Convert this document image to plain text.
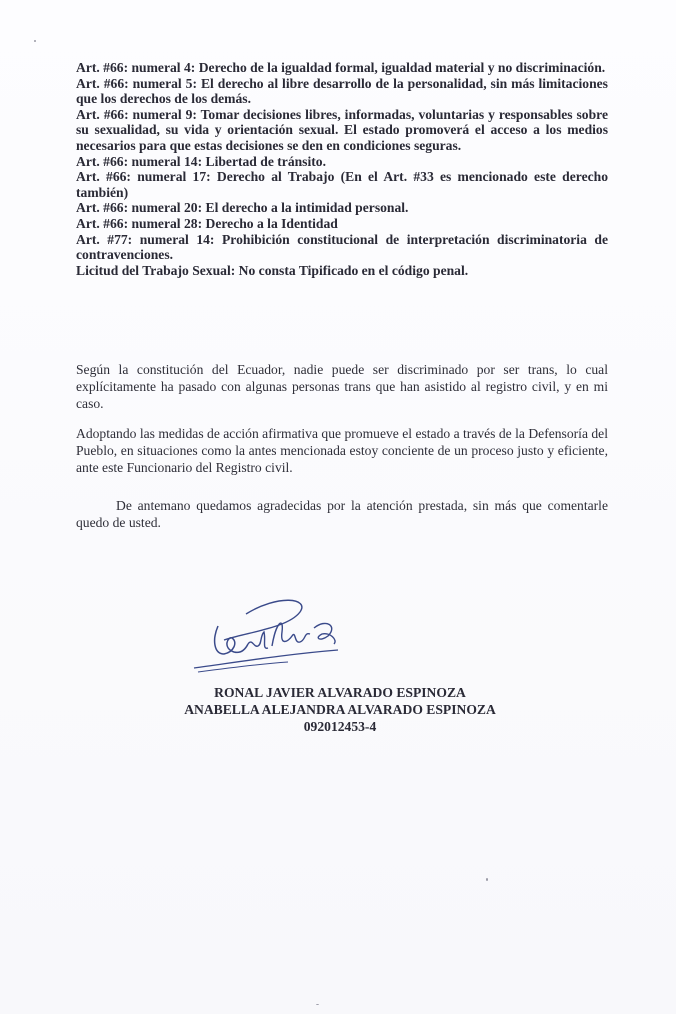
Art. #66: numeral 4: Derecho de la igualdad formal, igualdad material y no discriminación.

Art. #66: numeral 5: El derecho al libre desarrollo de la personalidad, sin más limitaciones que los derechos de los demás.

Art. #66: numeral 9: Tomar decisiones libres, informadas, voluntarias y responsables sobre su sexualidad, su vida y orientación sexual. El estado promoverá el acceso a los medios necesarios para que estas decisiones se den en condiciones seguras.

Art. #66: numeral 14: Libertad de tránsito.

Art. #66: numeral 17: Derecho al Trabajo (En el Art. #33 es mencionado este derecho también)

Art. #66: numeral 20: El derecho a la intimidad personal.

Art. #66: numeral 28: Derecho a la Identidad

Art. #77: numeral 14: Prohibición constitucional de interpretación discriminatoria de contravenciones.

Licitud del Trabajo Sexual: No consta Tipificado en el código penal.

Según la constitución del Ecuador, nadie puede ser discriminado por ser trans, lo cual explícitamente ha pasado con algunas personas trans que han asistido al registro civil, y en mi caso.

Adoptando las medidas de acción afirmativa que promueve el estado a través de la Defensoría del Pueblo, en situaciones como la antes mencionada estoy conciente de un proceso justo y eficiente, ante este Funcionario del Registro civil.

De antemano quedamos agradecidas por la atención prestada, sin más que comentarle quedo de usted.

RONAL JAVIER ALVARADO ESPINOZA
ANABELLA ALEJANDRA ALVARADO ESPINOZA
092012453-4
